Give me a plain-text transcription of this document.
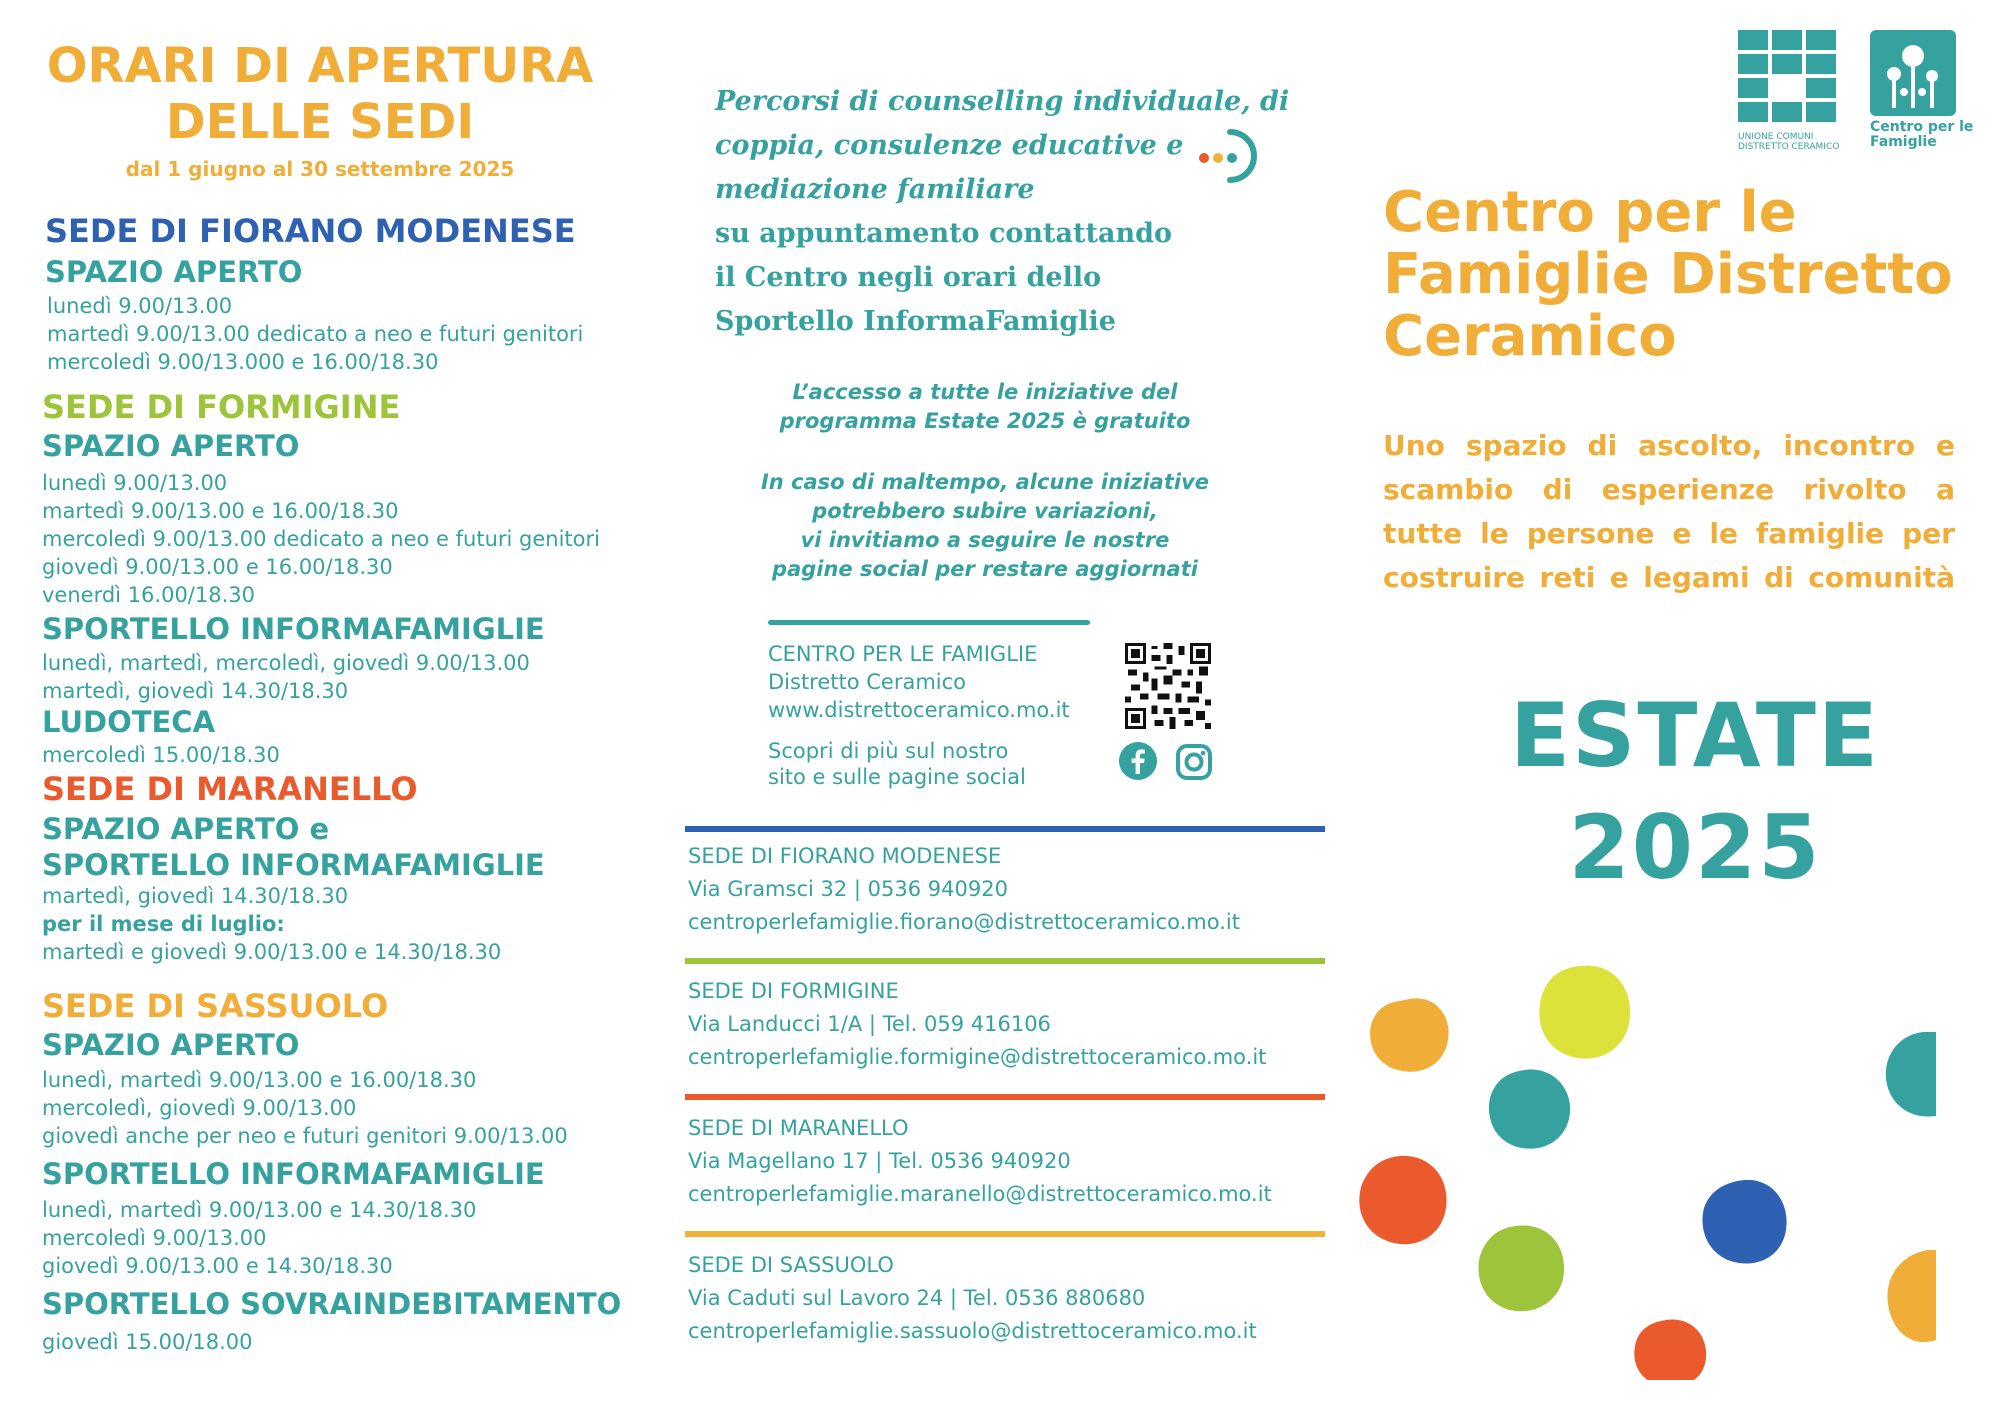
ORARI DI APERTURA
DELLE SEDI
dal 1 giugno al 30 settembre 2025
SEDE DI FIORANO MODENESE
SPAZIO APERTO
lunedì 9.00/13.00
martedì 9.00/13.00 dedicato a neo e futuri genitori
mercoledì 9.00/13.000 e 16.00/18.30
SEDE DI FORMIGINE
SPAZIO APERTO
lunedì 9.00/13.00
martedì 9.00/13.00 e 16.00/18.30
mercoledì 9.00/13.00 dedicato a neo e futuri genitori
giovedì 9.00/13.00 e 16.00/18.30
venerdì 16.00/18.30
SPORTELLO INFORMAFAMIGLIE
lunedì, martedì, mercoledì, giovedì 9.00/13.00
martedì, giovedì 14.30/18.30
LUDOTECA
mercoledì 15.00/18.30
SEDE DI MARANELLO
SPAZIO APERTO e
SPORTELLO INFORMAFAMIGLIE
martedì, giovedì 14.30/18.30
per il mese di luglio:
martedì e giovedì 9.00/13.00 e 14.30/18.30
SEDE DI SASSUOLO
SPAZIO APERTO
lunedì, martedì 9.00/13.00 e 16.00/18.30
mercoledì, giovedì 9.00/13.00
giovedì anche per neo e futuri genitori 9.00/13.00
SPORTELLO INFORMAFAMIGLIE
lunedì, martedì 9.00/13.00 e 14.30/18.30
mercoledì 9.00/13.00
giovedì 9.00/13.00 e 14.30/18.30
SPORTELLO SOVRAINDEBITAMENTO
giovedì 15.00/18.00
Percorsi di counselling individuale, di
coppia, consulenze educative e
mediazione familiare
su appuntamento contattando
il Centro negli orari dello
Sportello InformaFamiglie
L’accesso a tutte le iniziative del
programma Estate 2025 è gratuito
In caso di maltempo, alcune iniziative
potrebbero subire variazioni,
vi invitiamo a seguire le nostre
pagine social per restare aggiornati
CENTRO PER LE FAMIGLIE
Distretto Ceramico
www.distrettoceramico.mo.it
Scopri di più sul nostro
sito e sulle pagine social
SEDE DI FIORANO MODENESE
Via Gramsci 32 | 0536 940920
centroperlefamiglie.fiorano@distrettoceramico.mo.it
SEDE DI FORMIGINE
Via Landucci 1/A | Tel. 059 416106
centroperlefamiglie.formigine@distrettoceramico.mo.it
SEDE DI MARANELLO
Via Magellano 17 | Tel. 0536 940920
centroperlefamiglie.maranello@distrettoceramico.mo.it
SEDE DI SASSUOLO
Via Caduti sul Lavoro 24 | Tel. 0536 880680
centroperlefamiglie.sassuolo@distrettoceramico.mo.it
UNIONE COMUNI
DISTRETTO CERAMICO
Centro per le
Famiglie
Centro per le
Famiglie Distretto
Ceramico
Uno spazio di ascolto, incontro e
scambio di esperienze rivolto a
tutte le persone e le famiglie per
costruire reti e legami di comunità
ESTATE
2025
